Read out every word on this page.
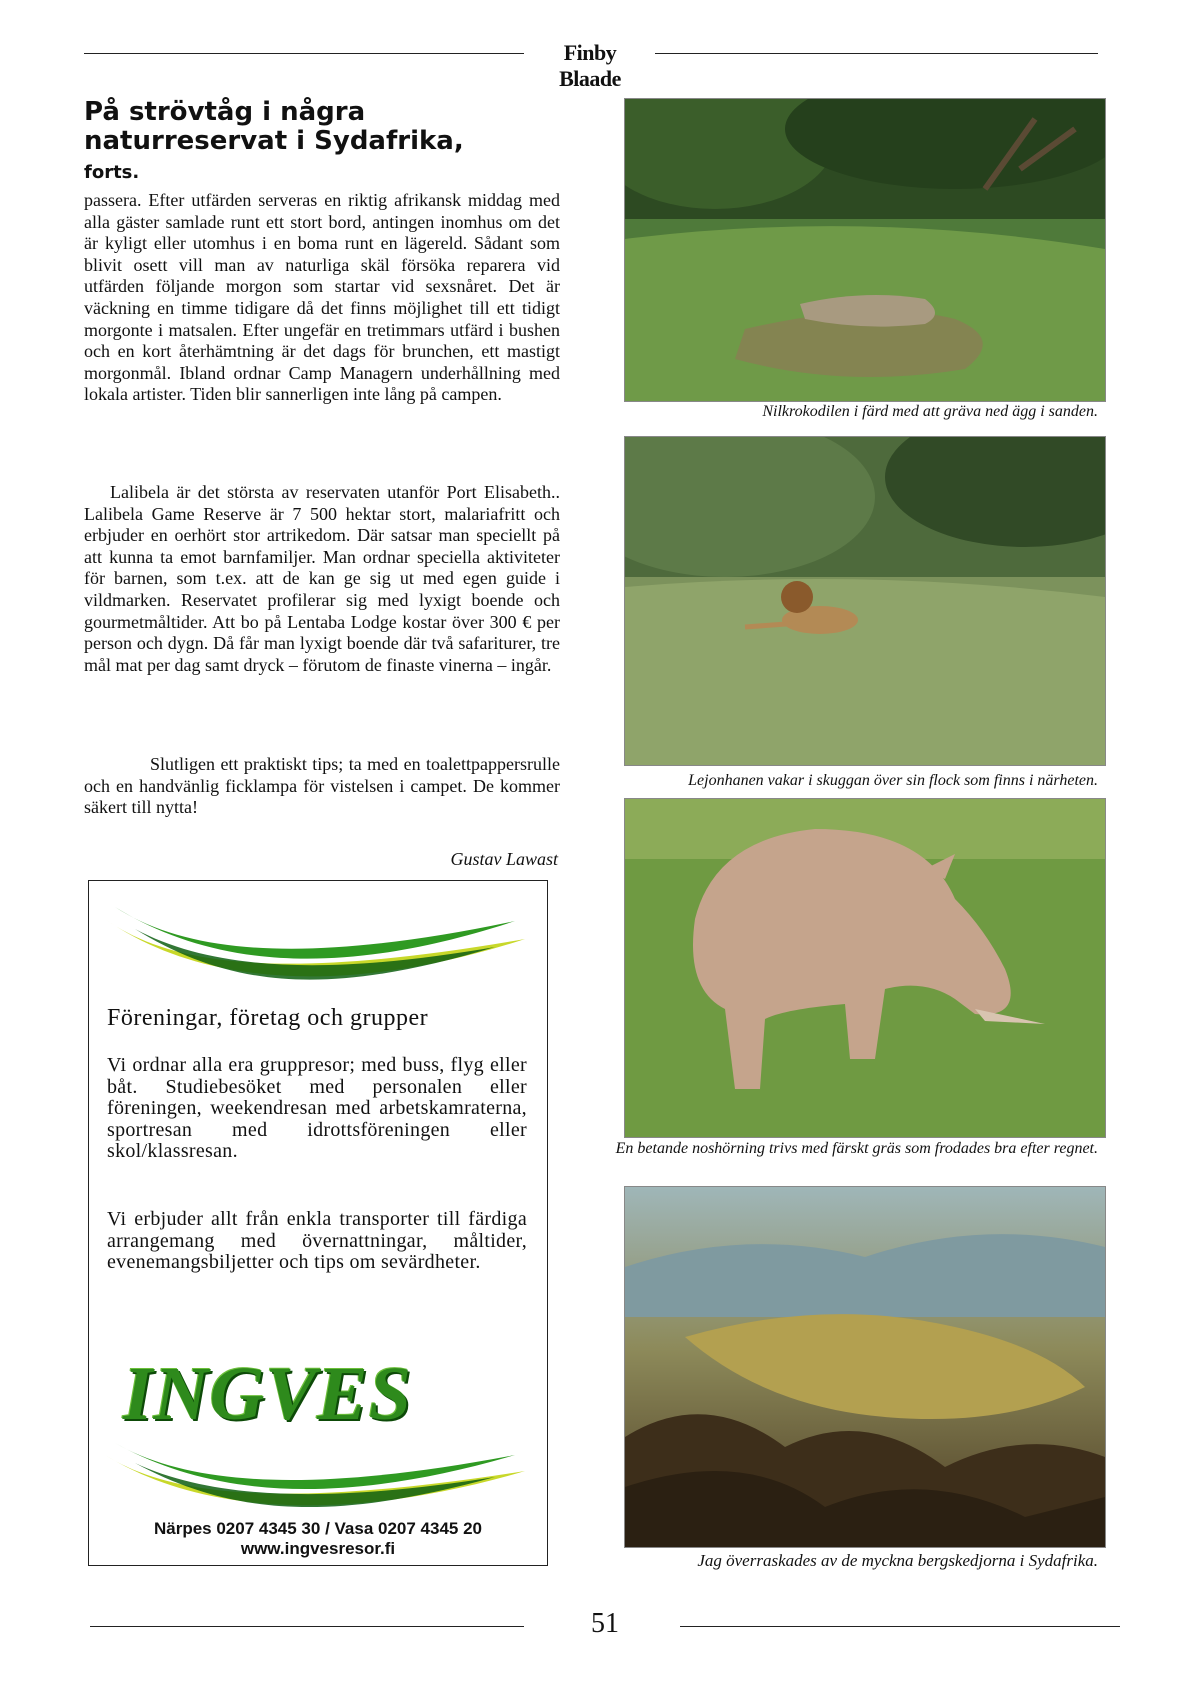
Finby Blaade
På strövtåg i några naturreservat i Sydafrika, forts.

passera. Efter utfärden serveras en riktig afrikansk middag med alla gäster samlade runt ett stort bord, antingen inomhus om det är kyligt eller utomhus i en boma runt en lägereld. Sådant som blivit osett vill man av naturliga skäl försöka reparera vid utfärden följande morgon som startar vid sexsnåret. Det är väckning en timme tidigare då det finns möjlighet till ett tidigt morgonte i matsalen. Efter ungefär en tretimmars utfärd i bushen och en kort återhämtning är det dags för brunchen, ett mastigt morgonmål. Ibland ordnar Camp Managern underhållning med lokala artister. Tiden blir sannerligen inte lång på campen.

Lalibela är det största av reservaten utanför Port Elisabeth.. Lalibela Game Reserve är 7 500 hektar stort, malariafritt och erbjuder en oerhört stor artrikedom. Där satsar man speciellt på att kunna ta emot barnfamiljer. Man ordnar speciella aktiviteter för barnen, som t.ex. att de kan ge sig ut med egen guide i vildmarken. Reservatet profilerar sig med lyxigt boende och gourmetmåltider. Att bo på Lentaba Lodge kostar över 300 € per person och dygn. Då får man lyxigt boende där två safariturer, tre mål mat per dag samt dryck – förutom de finaste vinerna – ingår.

Slutligen ett praktiskt tips; ta med en toalettpappersrulle och en handvänlig ficklampa för vistelsen i campet. De kommer säkert till nytta!

Gustav Lawast
Föreningar, företag och grupper

Vi ordnar alla era gruppresor; med buss, flyg eller båt. Studiebesöket med personalen eller föreningen, weekendresan med arbetskamraterna, sportresan med idrottsföreningen eller skol/klassresan.

Vi erbjuder allt från enkla transporter till färdiga arrangemang med övernattningar, måltider, evenemangsbiljetter och tips om sevärdheter.

INGVES
Närpes 0207 4345 30 / Vasa 0207 4345 20
www.ingvesresor.fi
Nilkrokodilen i färd med att gräva ned ägg i sanden.
Lejonhanen vakar i skuggan över sin flock som finns i närheten.
En betande noshörning trivs med färskt gräs som frodades bra efter regnet.
Jag överraskades av de myckna bergskedjorna i Sydafrika.
51
